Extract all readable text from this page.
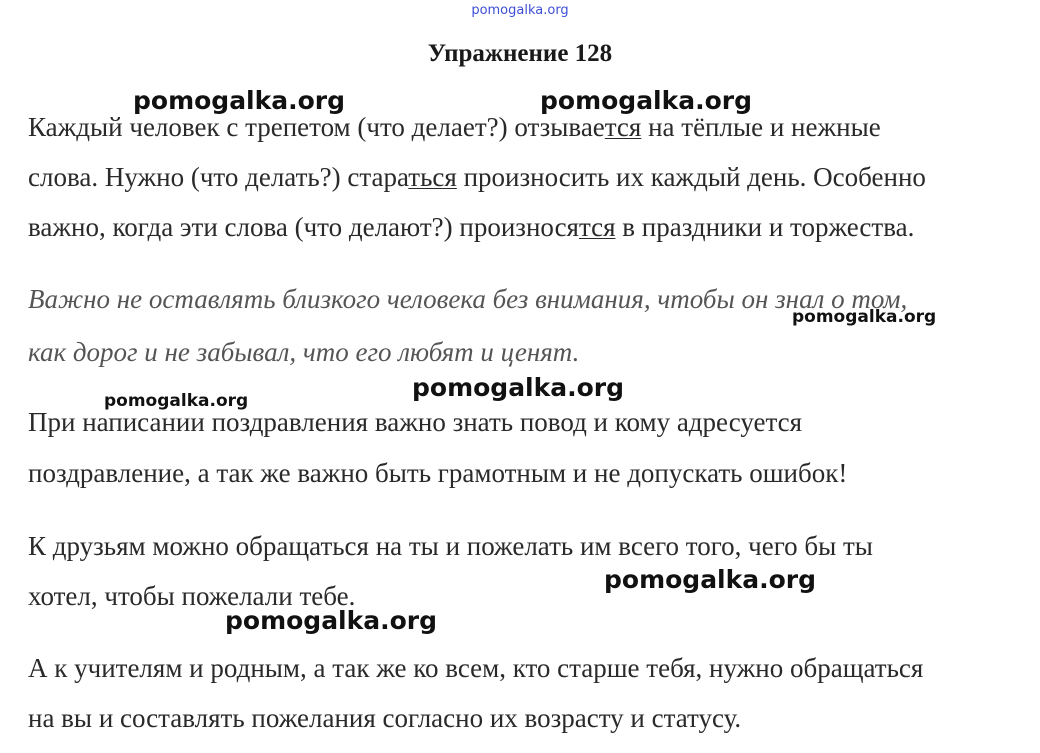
pomogalka.org
Упражнение 128
Каждый человек с трепетом (что делает?) отзывается на тёплые и нежные
слова. Нужно (что делать?) стараться произносить их каждый день. Особенно
важно, когда эти слова (что делают?) произносятся в праздники и торжества.
Важно не оставлять близкого человека без внимания, чтобы он знал о том,
как дорог и не забывал, что его любят и ценят.
При написании поздравления важно знать повод и кому адресуется
поздравление, а так же важно быть грамотным и не допускать ошибок!
К друзьям можно обращаться на ты и пожелать им всего того, чего бы ты
хотел, чтобы пожелали тебе.
А к учителям и родным, а так же ко всем, кто старше тебя, нужно обращаться
на вы и составлять пожелания согласно их возрасту и статусу.
pomogalka.org	pomogalka.org
pomogalka.org
pomogalka.org
pomogalka.org
pomogalka.org
pomogalka.org
